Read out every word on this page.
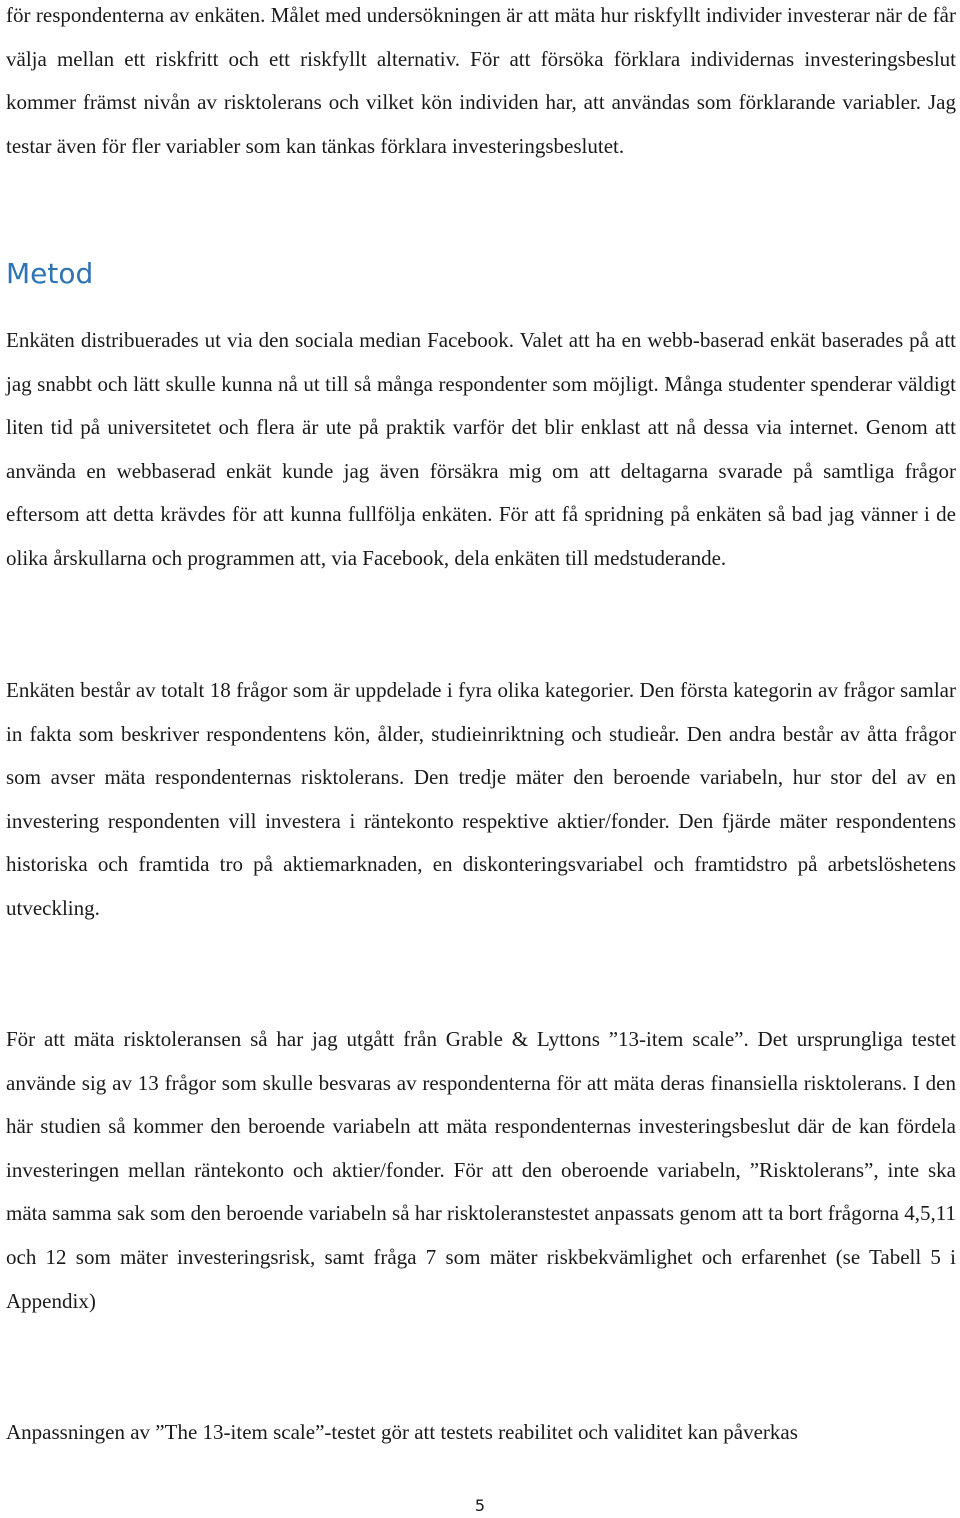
för respondenterna av enkäten. Målet med undersökningen är att mäta hur riskfyllt individer investerar när de får välja mellan ett riskfritt och ett riskfyllt alternativ. För att försöka förklara individernas investeringsbeslut kommer främst nivån av risktolerans och vilket kön individen har, att användas som förklarande variabler. Jag testar även för fler variabler som kan tänkas förklara investeringsbeslutet.

Metod

Enkäten distribuerades ut via den sociala median Facebook. Valet att ha en webb-baserad enkät baserades på att jag snabbt och lätt skulle kunna nå ut till så många respondenter som möjligt. Många studenter spenderar väldigt liten tid på universitetet och flera är ute på praktik varför det blir enklast att nå dessa via internet. Genom att använda en webbaserad enkät kunde jag även försäkra mig om att deltagarna svarade på samtliga frågor eftersom att detta krävdes för att kunna fullfölja enkäten. För att få spridning på enkäten så bad jag vänner i de olika årskullarna och programmen att, via Facebook, dela enkäten till medstuderande.

Enkäten består av totalt 18 frågor som är uppdelade i fyra olika kategorier. Den första kategorin av frågor samlar in fakta som beskriver respondentens kön, ålder, studieinriktning och studieår. Den andra består av åtta frågor som avser mäta respondenternas risktolerans. Den tredje mäter den beroende variabeln, hur stor del av en investering respondenten vill investera i räntekonto respektive aktier/fonder. Den fjärde mäter respondentens historiska och framtida tro på aktiemarknaden, en diskonteringsvariabel och framtidstro på arbetslöshetens utveckling.

För att mäta risktoleransen så har jag utgått från Grable & Lyttons ”13-item scale”. Det ursprungliga testet använde sig av 13 frågor som skulle besvaras av respondenterna för att mäta deras finansiella risktolerans. I den här studien så kommer den beroende variabeln att mäta respondenternas investeringsbeslut där de kan fördela investeringen mellan räntekonto och aktier/fonder. För att den oberoende variabeln, ”Risktolerans”, inte ska mäta samma sak som den beroende variabeln så har risktoleranstestet anpassats genom att ta bort frågorna 4,5,11 och 12 som mäter investeringsrisk, samt fråga 7 som mäter riskbekvämlighet och erfarenhet (se Tabell 5 i Appendix)

Anpassningen av ”The 13-item scale”-testet gör att testets reabilitet och validitet kan påverkas

5
